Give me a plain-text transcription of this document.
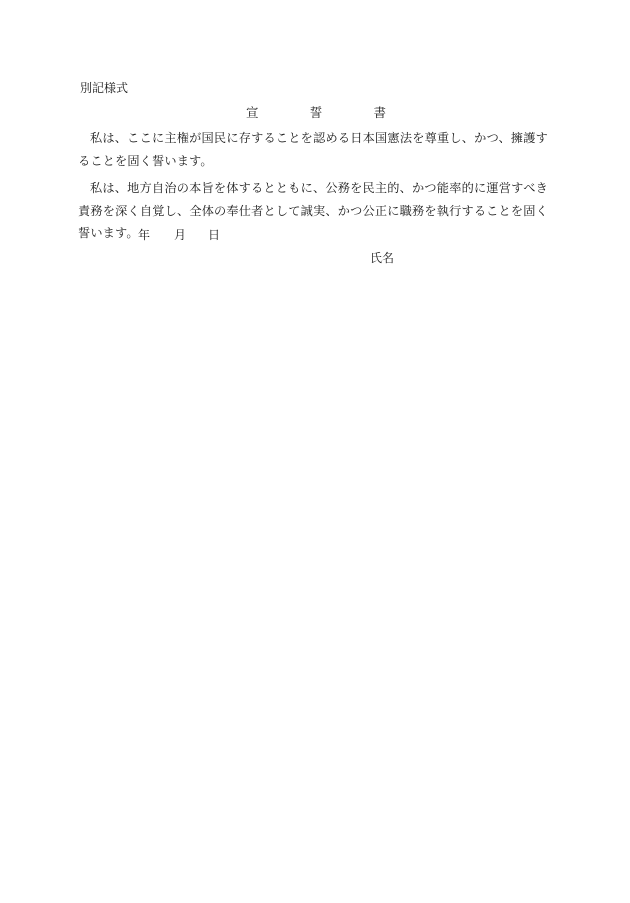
別記様式
宣	誓	書
私は、ここに主権が国民に存することを認める日本国憲法を尊重し、かつ、擁護することを固く誓います。
私は、地方自治の本旨を体するとともに、公務を民主的、かつ能率的に運営すべき責務を深く自覚し、全体の奉仕者として誠実、かつ公正に職務を執行することを固く誓います。 年 月 日
氏名
